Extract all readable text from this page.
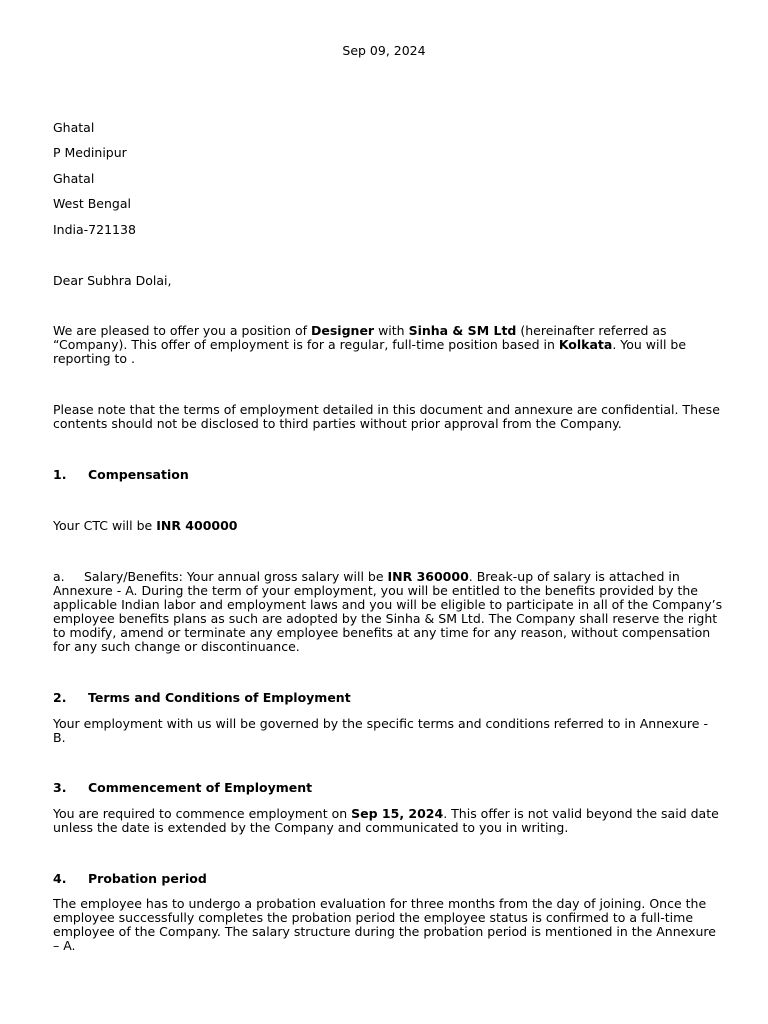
Sep 09, 2024
Ghatal
P Medinipur
Ghatal
West Bengal
India-721138
Dear Subhra Dolai,
We are pleased to offer you a position of Designer with Sinha & SM Ltd (hereinafter referred as “Company). This offer of employment is for a regular, full-time position based in Kolkata. You will be reporting to .
Please note that the terms of employment detailed in this document and annexure are confidential. These contents should not be disclosed to third parties without prior approval from the Company.
1. Compensation
Your CTC will be INR 400000
a. Salary/Benefits: Your annual gross salary will be INR 360000. Break-up of salary is attached in Annexure - A. During the term of your employment, you will be entitled to the benefits provided by the applicable Indian labor and employment laws and you will be eligible to participate in all of the Company’s employee benefits plans as such are adopted by the Sinha & SM Ltd. The Company shall reserve the right to modify, amend or terminate any employee benefits at any time for any reason, without compensation for any such change or discontinuance.
2. Terms and Conditions of Employment
Your employment with us will be governed by the specific terms and conditions referred to in Annexure - B.
3. Commencement of Employment
You are required to commence employment on Sep 15, 2024. This offer is not valid beyond the said date unless the date is extended by the Company and communicated to you in writing.
4. Probation period
The employee has to undergo a probation evaluation for three months from the day of joining. Once the employee successfully completes the probation period the employee status is confirmed to a full-time employee of the Company. The salary structure during the probation period is mentioned in the Annexure – A.
